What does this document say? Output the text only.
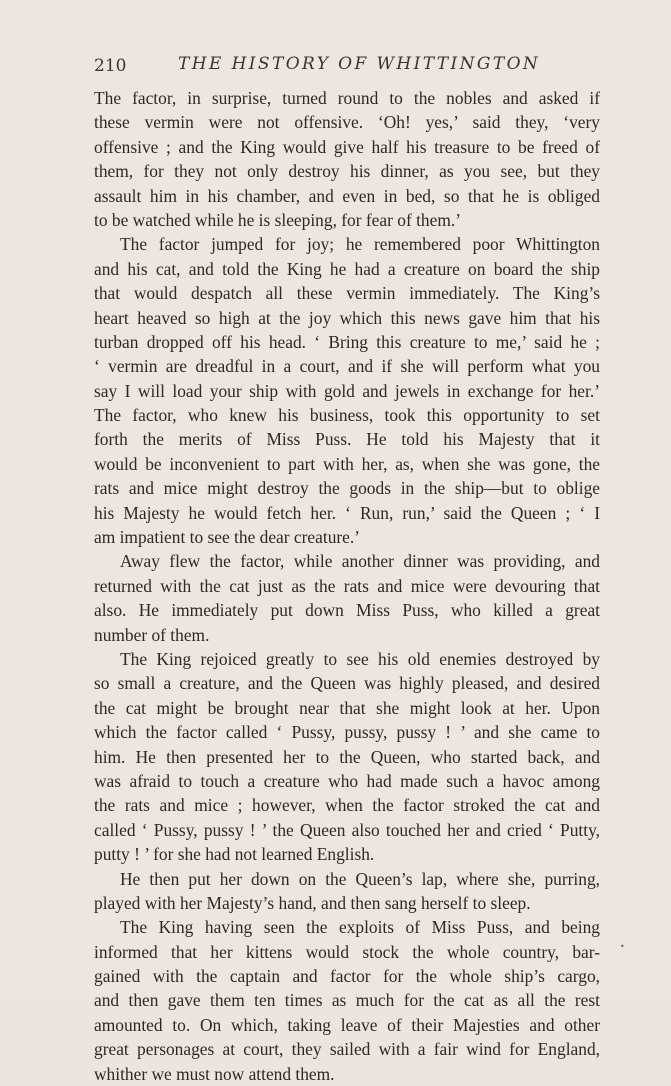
210	THE HISTORY OF WHITTINGTON
The factor, in surprise, turned round to the nobles and asked if
these vermin were not offensive. ‘Oh! yes,’ said they, ‘very
offensive ; and the King would give half his treasure to be freed of
them, for they not only destroy his dinner, as you see, but they
assault him in his chamber, and even in bed, so that he is obliged
to be watched while he is sleeping, for fear of them.’
The factor jumped for joy; he remembered poor Whittington
and his cat, and told the King he had a creature on board the ship
that would despatch all these vermin immediately. The King’s
heart heaved so high at the joy which this news gave him that his
turban dropped off his head. ‘ Bring this creature to me,’ said he ;
‘ vermin are dreadful in a court, and if she will perform what you
say I will load your ship with gold and jewels in exchange for her.’
The factor, who knew his business, took this opportunity to set
forth the merits of Miss Puss. He told his Majesty that it
would be inconvenient to part with her, as, when she was gone, the
rats and mice might destroy the goods in the ship—but to oblige
his Majesty he would fetch her. ‘ Run, run,’ said the Queen ; ‘ I
am impatient to see the dear creature.’
Away flew the factor, while another dinner was providing, and
returned with the cat just as the rats and mice were devouring that
also. He immediately put down Miss Puss, who killed a great
number of them.
The King rejoiced greatly to see his old enemies destroyed by
so small a creature, and the Queen was highly pleased, and desired
the cat might be brought near that she might look at her. Upon
which the factor called ‘ Pussy, pussy, pussy ! ’ and she came to
him. He then presented her to the Queen, who started back, and
was afraid to touch a creature who had made such a havoc among
the rats and mice ; however, when the factor stroked the cat and
called ‘ Pussy, pussy ! ’ the Queen also touched her and cried ‘ Putty,
putty ! ’ for she had not learned English.
He then put her down on the Queen’s lap, where she, purring,
played with her Majesty’s hand, and then sang herself to sleep.
The King having seen the exploits of Miss Puss, and being
informed that her kittens would stock the whole country, bar-
gained with the captain and factor for the whole ship’s cargo,
and then gave them ten times as much for the cat as all the rest
amounted to. On which, taking leave of their Majesties and other
great personages at court, they sailed with a fair wind for England,
whither we must now attend them.
•
